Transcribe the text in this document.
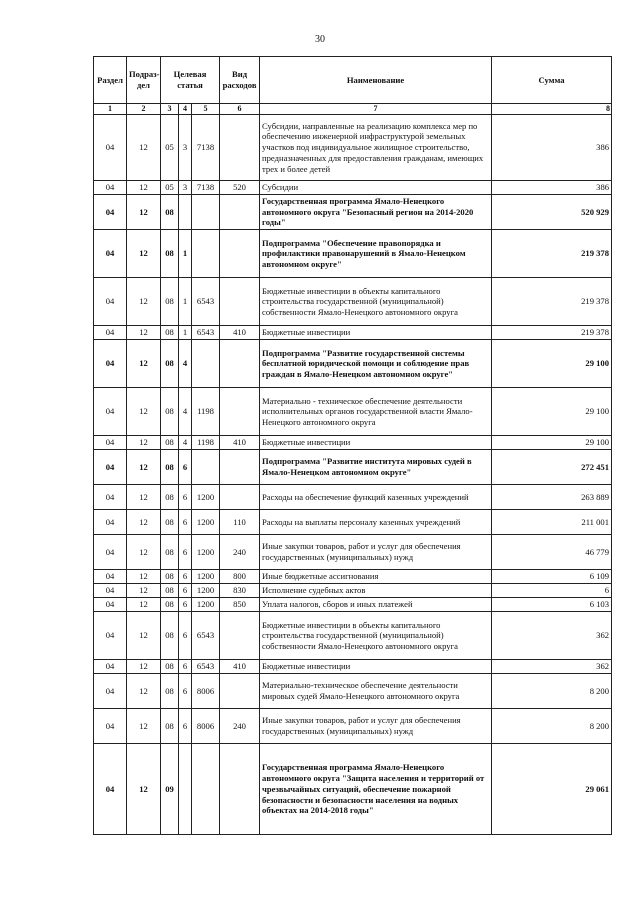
30
Раздел	Подраз-дел	Целевая статья			Вид расходов	Наименование	Сумма
1	2	3	4	5	6	7	8
04	12	05	3	7138		Субсидии, направленные на реализацию комплекса мер по обеспечению инженерной инфраструктурой земельных участков под индивидуальное жилищное строительство, предназначенных для предоставления гражданам, имеющих трех и более детей	386
04	12	05	3	7138	520	Субсидии	386
04	12	08				Государственная программа Ямало-Ненецкого автономного округа "Безопасный регион на 2014-2020 годы"	520 929
04	12	08	1			Подпрограмма "Обеспечение правопорядка и профилактики правонарушений в Ямало-Ненецком автономном округе"	219 378
04	12	08	1	6543		Бюджетные инвестиции в объекты капитального строительства государственной (муниципальной) собственности Ямало-Ненецкого автономного округа	219 378
04	12	08	1	6543	410	Бюджетные инвестиции	219 378
04	12	08	4			Подпрограмма "Развитие государственной системы бесплатной юридической помощи и соблюдение прав граждан в Ямало-Ненецком автономном округе"	29 100
04	12	08	4	1198		Материально - техническое обеспечение деятельности исполнительных органов государственной власти Ямало-Ненецкого автономного округа	29 100
04	12	08	4	1198	410	Бюджетные инвестиции	29 100
04	12	08	6			Подпрограмма "Развитие института мировых судей в Ямало-Ненецком автономном округе"	272 451
04	12	08	6	1200		Расходы на обеспечение функций казенных учреждений	263 889
04	12	08	6	1200	110	Расходы на выплаты персоналу казенных учреждений	211 001
04	12	08	6	1200	240	Иные закупки товаров, работ и услуг для обеспечения государственных (муниципальных) нужд	46 779
04	12	08	6	1200	800	Иные бюджетные ассигнования	6 109
04	12	08	6	1200	830	Исполнение судебных актов	6
04	12	08	6	1200	850	Уплата налогов, сборов и иных платежей	6 103
04	12	08	6	6543		Бюджетные инвестиции в объекты капитального строительства государственной (муниципальной) собственности Ямало-Ненецкого автономного округа	362
04	12	08	6	6543	410	Бюджетные инвестиции	362
04	12	08	6	8006		Материально-техническое обеспечение деятельности мировых судей Ямало-Ненецкого автономного округа	8 200
04	12	08	6	8006	240	Иные закупки товаров, работ и услуг для обеспечения государственных (муниципальных) нужд	8 200
04	12	09				Государственная программа Ямало-Ненецкого автономного округа "Защита населения и территорий от чрезвычайных ситуаций, обеспечение пожарной безопасности и безопасности населения на водных объектах на 2014-2018 годы"	29 061
